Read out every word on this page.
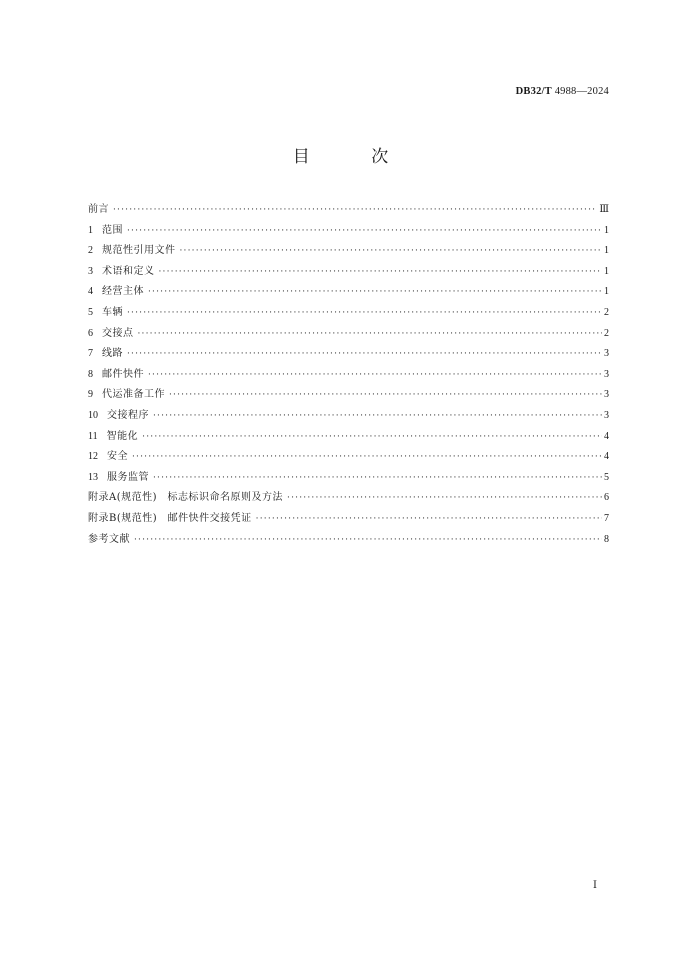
DB32/T 4988—2024
目 次
前言 ·····	Ⅲ
1 范围 ·····	1
2 规范性引用文件 ·····	1
3 术语和定义 ·····	1
4 经营主体 ·····	1
5 车辆 ·····	2
6 交接点 ·····	2
7 线路 ·····	3
8 邮件快件 ·····	3
9 代运准备工作 ·····	3
10 交接程序 ·····	3
11 智能化 ·····	4
12 安全 ·····	4
13 服务监管 ·····	5
附录A(规范性)　标志标识命名原则及方法 ·····	6
附录B(规范性)　邮件快件交接凭证 ·····	7
参考文献 ·····	8
Ⅰ
